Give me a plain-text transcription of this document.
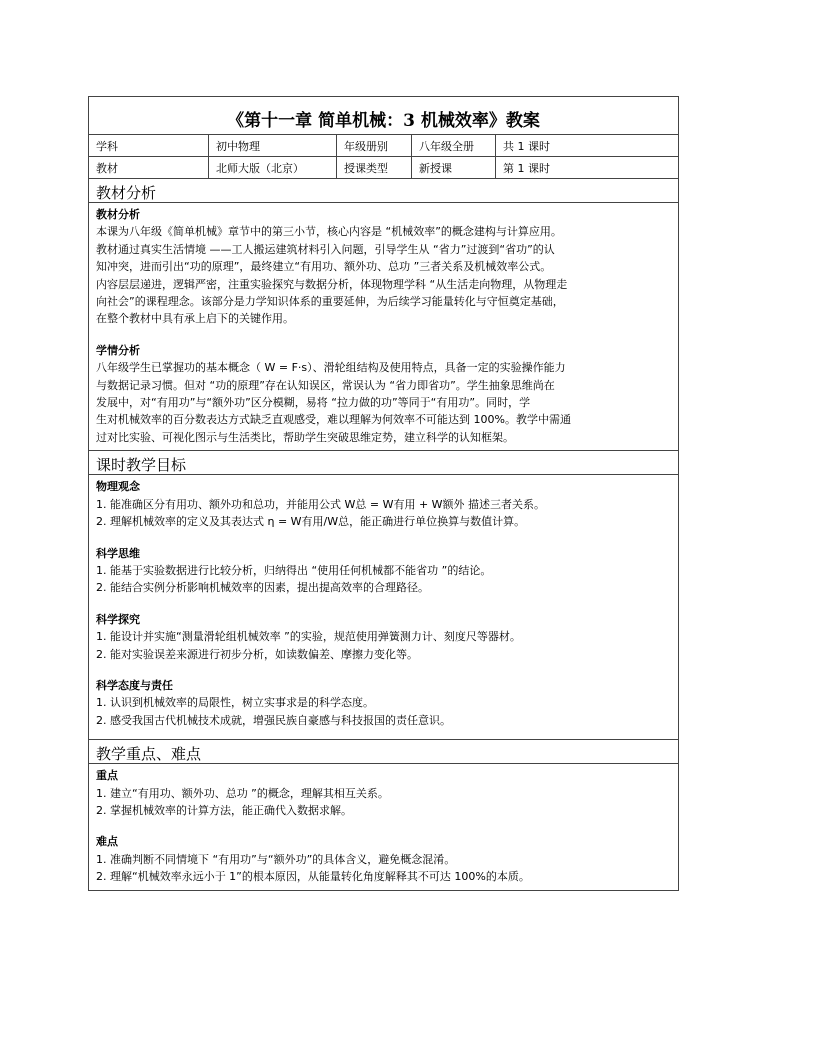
《第十一章 简单机械：3 机械效率》教案
学科	初中物理	年级册别	八年级全册	共 1 课时
教材	北师大版（北京）	授课类型	新授课	第 1 课时
教材分析
教材分析
本课为八年级《简单机械》章节中的第三小节，核心内容是 “机械效率”的概念建构与计算应用。
教材通过真实生活情境 ——工人搬运建筑材料引入问题，引导学生从 “省力”过渡到“省功”的认
知冲突，进而引出“功的原理”，最终建立“有用功、额外功、总功 ”三者关系及机械效率公式。
内容层层递进，逻辑严密，注重实验探究与数据分析，体现物理学科 “从生活走向物理，从物理走
向社会”的课程理念。该部分是力学知识体系的重要延伸，为后续学习能量转化与守恒奠定基础，
在整个教材中具有承上启下的关键作用。
学情分析
八年级学生已掌握功的基本概念（ W = F·s）、滑轮组结构及使用特点，具备一定的实验操作能力
与数据记录习惯。但对 “功的原理”存在认知误区，常误认为 “省力即省功”。学生抽象思维尚在
发展中，对“有用功”与“额外功”区分模糊，易将 “拉力做的功”等同于“有用功”。同时，学
生对机械效率的百分数表达方式缺乏直观感受，难以理解为何效率不可能达到 100%。教学中需通
过对比实验、可视化图示与生活类比，帮助学生突破思维定势，建立科学的认知框架。
课时教学目标
物理观念
1. 能准确区分有用功、额外功和总功，并能用公式 W总 = W有用 + W额外 描述三者关系。
2. 理解机械效率的定义及其表达式 η = W有用/W总，能正确进行单位换算与数值计算。
科学思维
1. 能基于实验数据进行比较分析，归纳得出 “使用任何机械都不能省功 ”的结论。
2. 能结合实例分析影响机械效率的因素，提出提高效率的合理路径。
科学探究
1. 能设计并实施“测量滑轮组机械效率 ”的实验，规范使用弹簧测力计、刻度尺等器材。
2. 能对实验误差来源进行初步分析，如读数偏差、摩擦力变化等。
科学态度与责任
1. 认识到机械效率的局限性，树立实事求是的科学态度。
2. 感受我国古代机械技术成就，增强民族自豪感与科技报国的责任意识。
教学重点、难点
重点
1. 建立“有用功、额外功、总功 ”的概念，理解其相互关系。
2. 掌握机械效率的计算方法，能正确代入数据求解。
难点
1. 准确判断不同情境下 “有用功”与“额外功”的具体含义，避免概念混淆。
2. 理解“机械效率永远小于 1”的根本原因，从能量转化角度解释其不可达 100%的本质。
